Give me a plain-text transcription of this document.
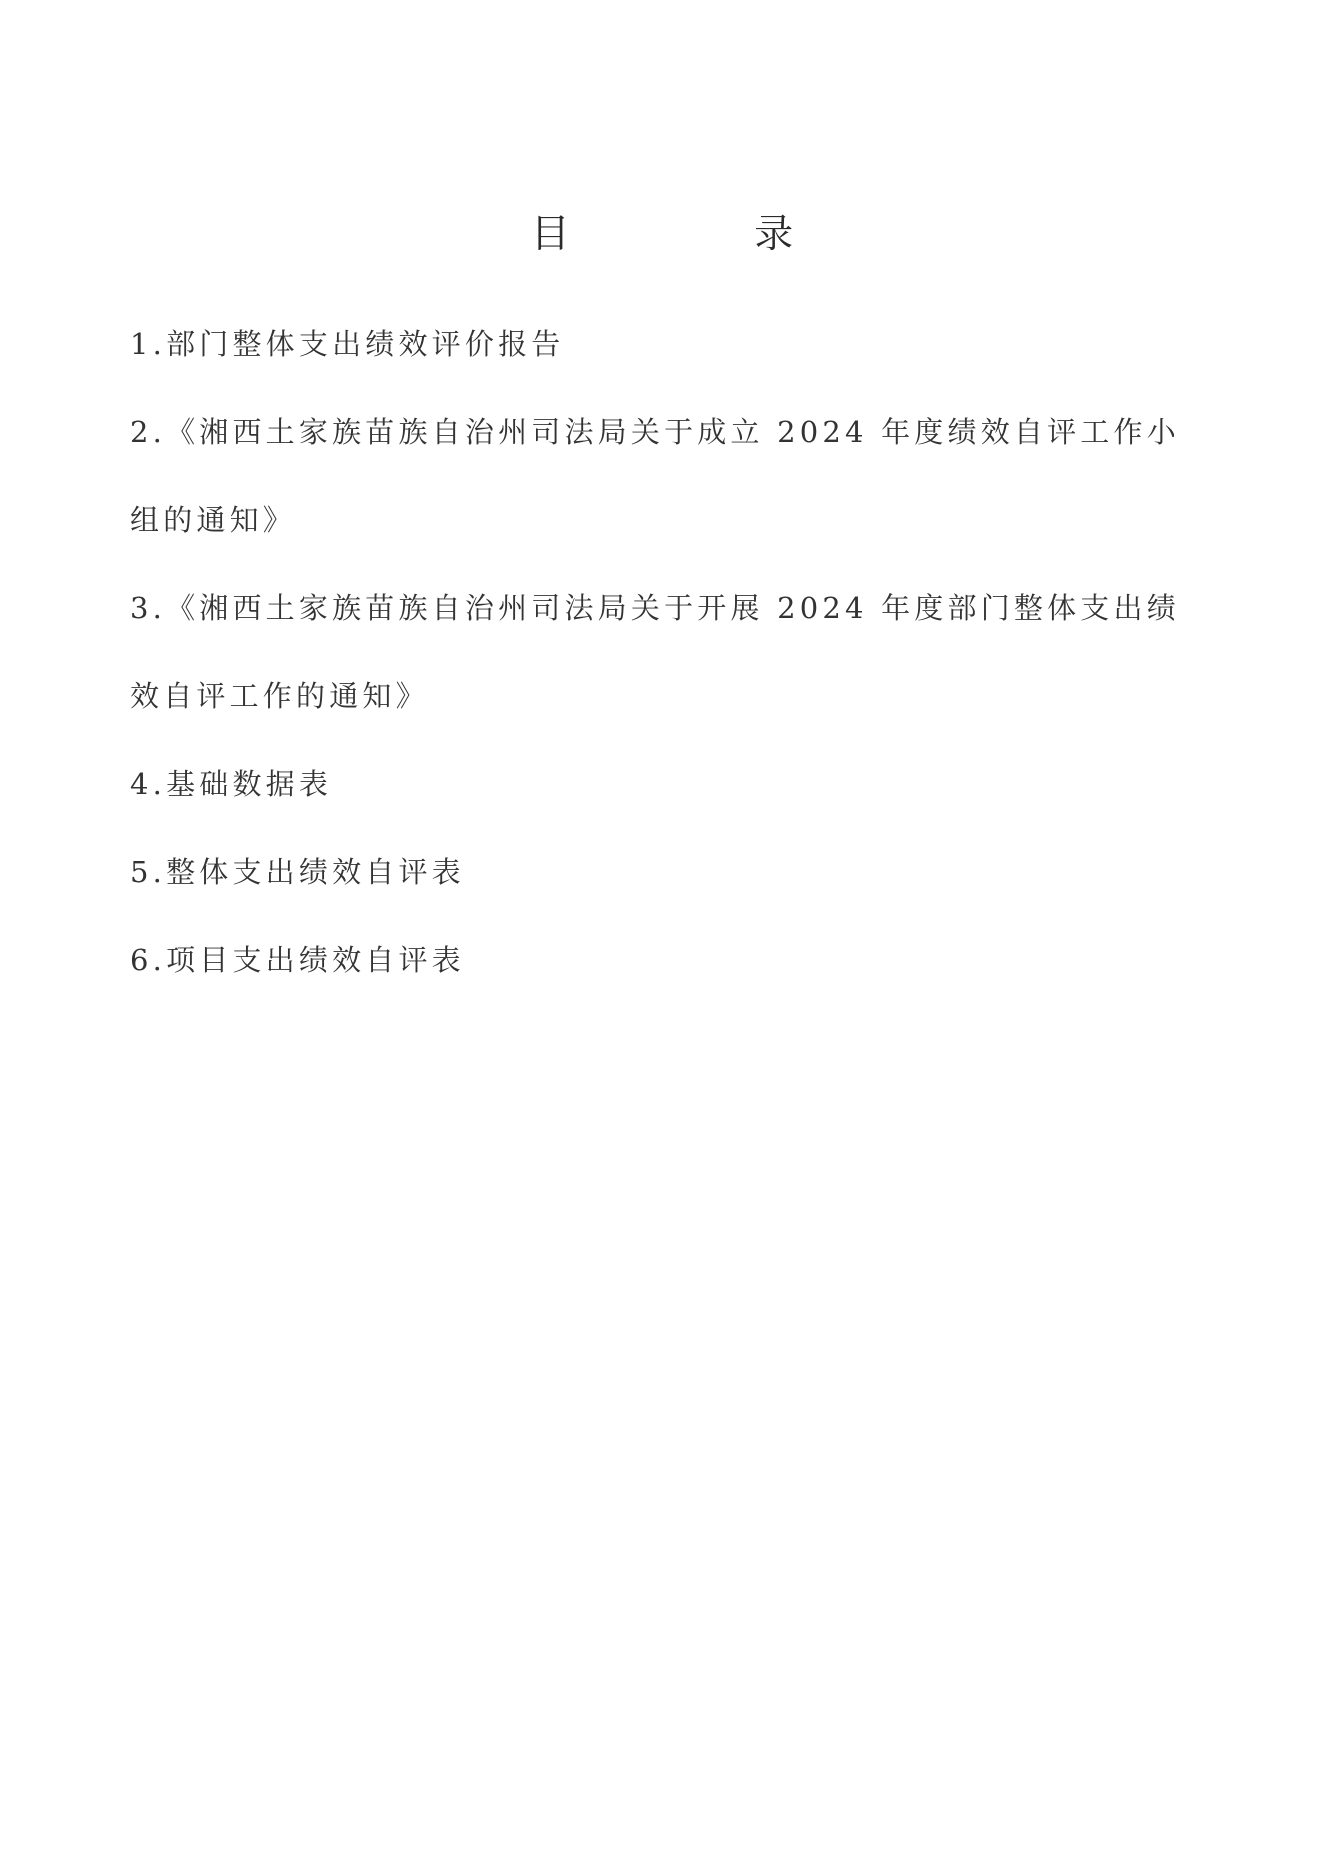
目 录
1.部门整体支出绩效评价报告
2.《湘西土家族苗族自治州司法局关于成立 2024 年度绩效自评工作小组的通知》
3.《湘西土家族苗族自治州司法局关于开展 2024 年度部门整体支出绩效自评工作的通知》
4.基础数据表
5.整体支出绩效自评表
6.项目支出绩效自评表
